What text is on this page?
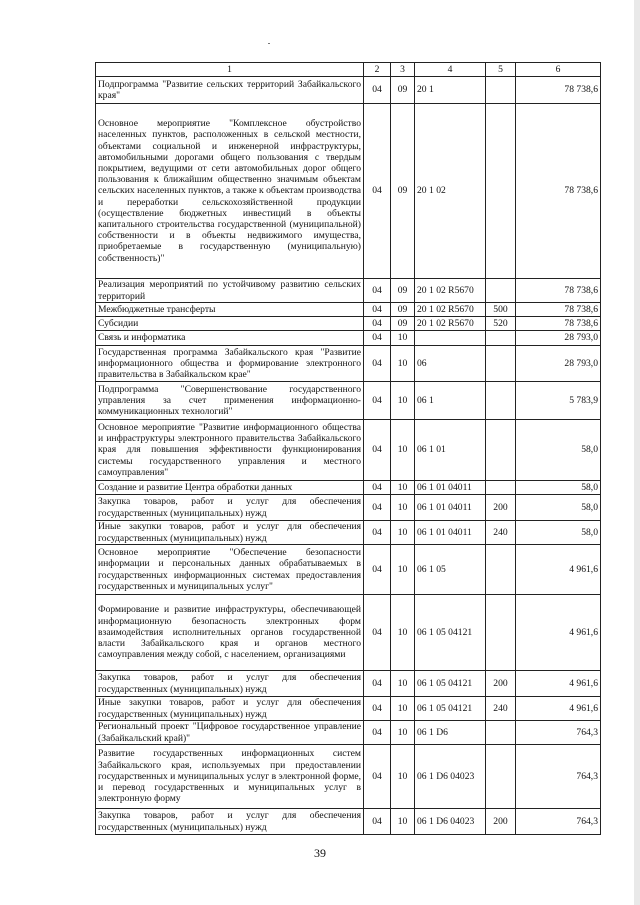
1	2	3	4	5	6
Подпрограмма "Развитие сельских территорий Забайкальского края"	04	09	20 1		78 738,6
Основное мероприятие "Комплексное обустройство населенных пунктов, расположенных в сельской местности, объектами социальной и инженерной инфраструктуры, автомобильными дорогами общего пользования с твердым покрытием, ведущими от сети автомобильных дорог общего пользования к ближайшим общественно значимым объектам сельских населенных пунктов, а также к объектам производства и переработки сельскохозяйственной продукции (осуществление бюджетных инвестиций в объекты капитального строительства государственной (муниципальной) собственности и в объекты недвижимого имущества, приобретаемые в государственную (муниципальную) собственность)"	04	09	20 1 02		78 738,6
Реализация мероприятий по устойчивому развитию сельских территорий	04	09	20 1 02 R5670		78 738,6
Межбюджетные трансферты	04	09	20 1 02 R5670	500	78 738,6
Субсидии	04	09	20 1 02 R5670	520	78 738,6
Связь и информатика	04	10			28 793,0
Государственная программа Забайкальского края "Развитие информационного общества и формирование электронного правительства в Забайкальском крае"	04	10	06		28 793,0
Подпрограмма "Совершенствование государственного управления за счет применения информационно-коммуникационных технологий"	04	10	06 1		5 783,9
Основное мероприятие "Развитие информационного общества и инфраструктуры электронного правительства Забайкальского края для повышения эффективности функционирования системы государственного управления и местного самоуправления"	04	10	06 1 01		58,0
Создание и развитие Центра обработки данных	04	10	06 1 01 04011		58,0
Закупка товаров, работ и услуг для обеспечения государственных (муниципальных) нужд	04	10	06 1 01 04011	200	58,0
Иные закупки товаров, работ и услуг для обеспечения государственных (муниципальных) нужд	04	10	06 1 01 04011	240	58,0
Основное мероприятие "Обеспечение безопасности информации и персональных данных обрабатываемых в государственных информационных системах предоставления государственных и муниципальных услуг"	04	10	06 1 05		4 961,6
Формирование и развитие инфраструктуры, обеспечивающей информационную безопасность электронных форм взаимодействия исполнительных органов государственной власти Забайкальского края и органов местного самоуправления между собой, с населением, организациями	04	10	06 1 05 04121		4 961,6
Закупка товаров, работ и услуг для обеспечения государственных (муниципальных) нужд	04	10	06 1 05 04121	200	4 961,6
Иные закупки товаров, работ и услуг для обеспечения государственных (муниципальных) нужд	04	10	06 1 05 04121	240	4 961,6
Региональный проект "Цифровое государственное управление (Забайкальский край)"	04	10	06 1 D6		764,3
Развитие государственных информационных систем Забайкальского края, используемых при предоставлении государственных и муниципальных услуг в электронной форме, и перевод государственных и муниципальных услуг в электронную форму	04	10	06 1 D6 04023		764,3
Закупка товаров, работ и услуг для обеспечения государственных (муниципальных) нужд	04	10	06 1 D6 04023	200	764,3
39
